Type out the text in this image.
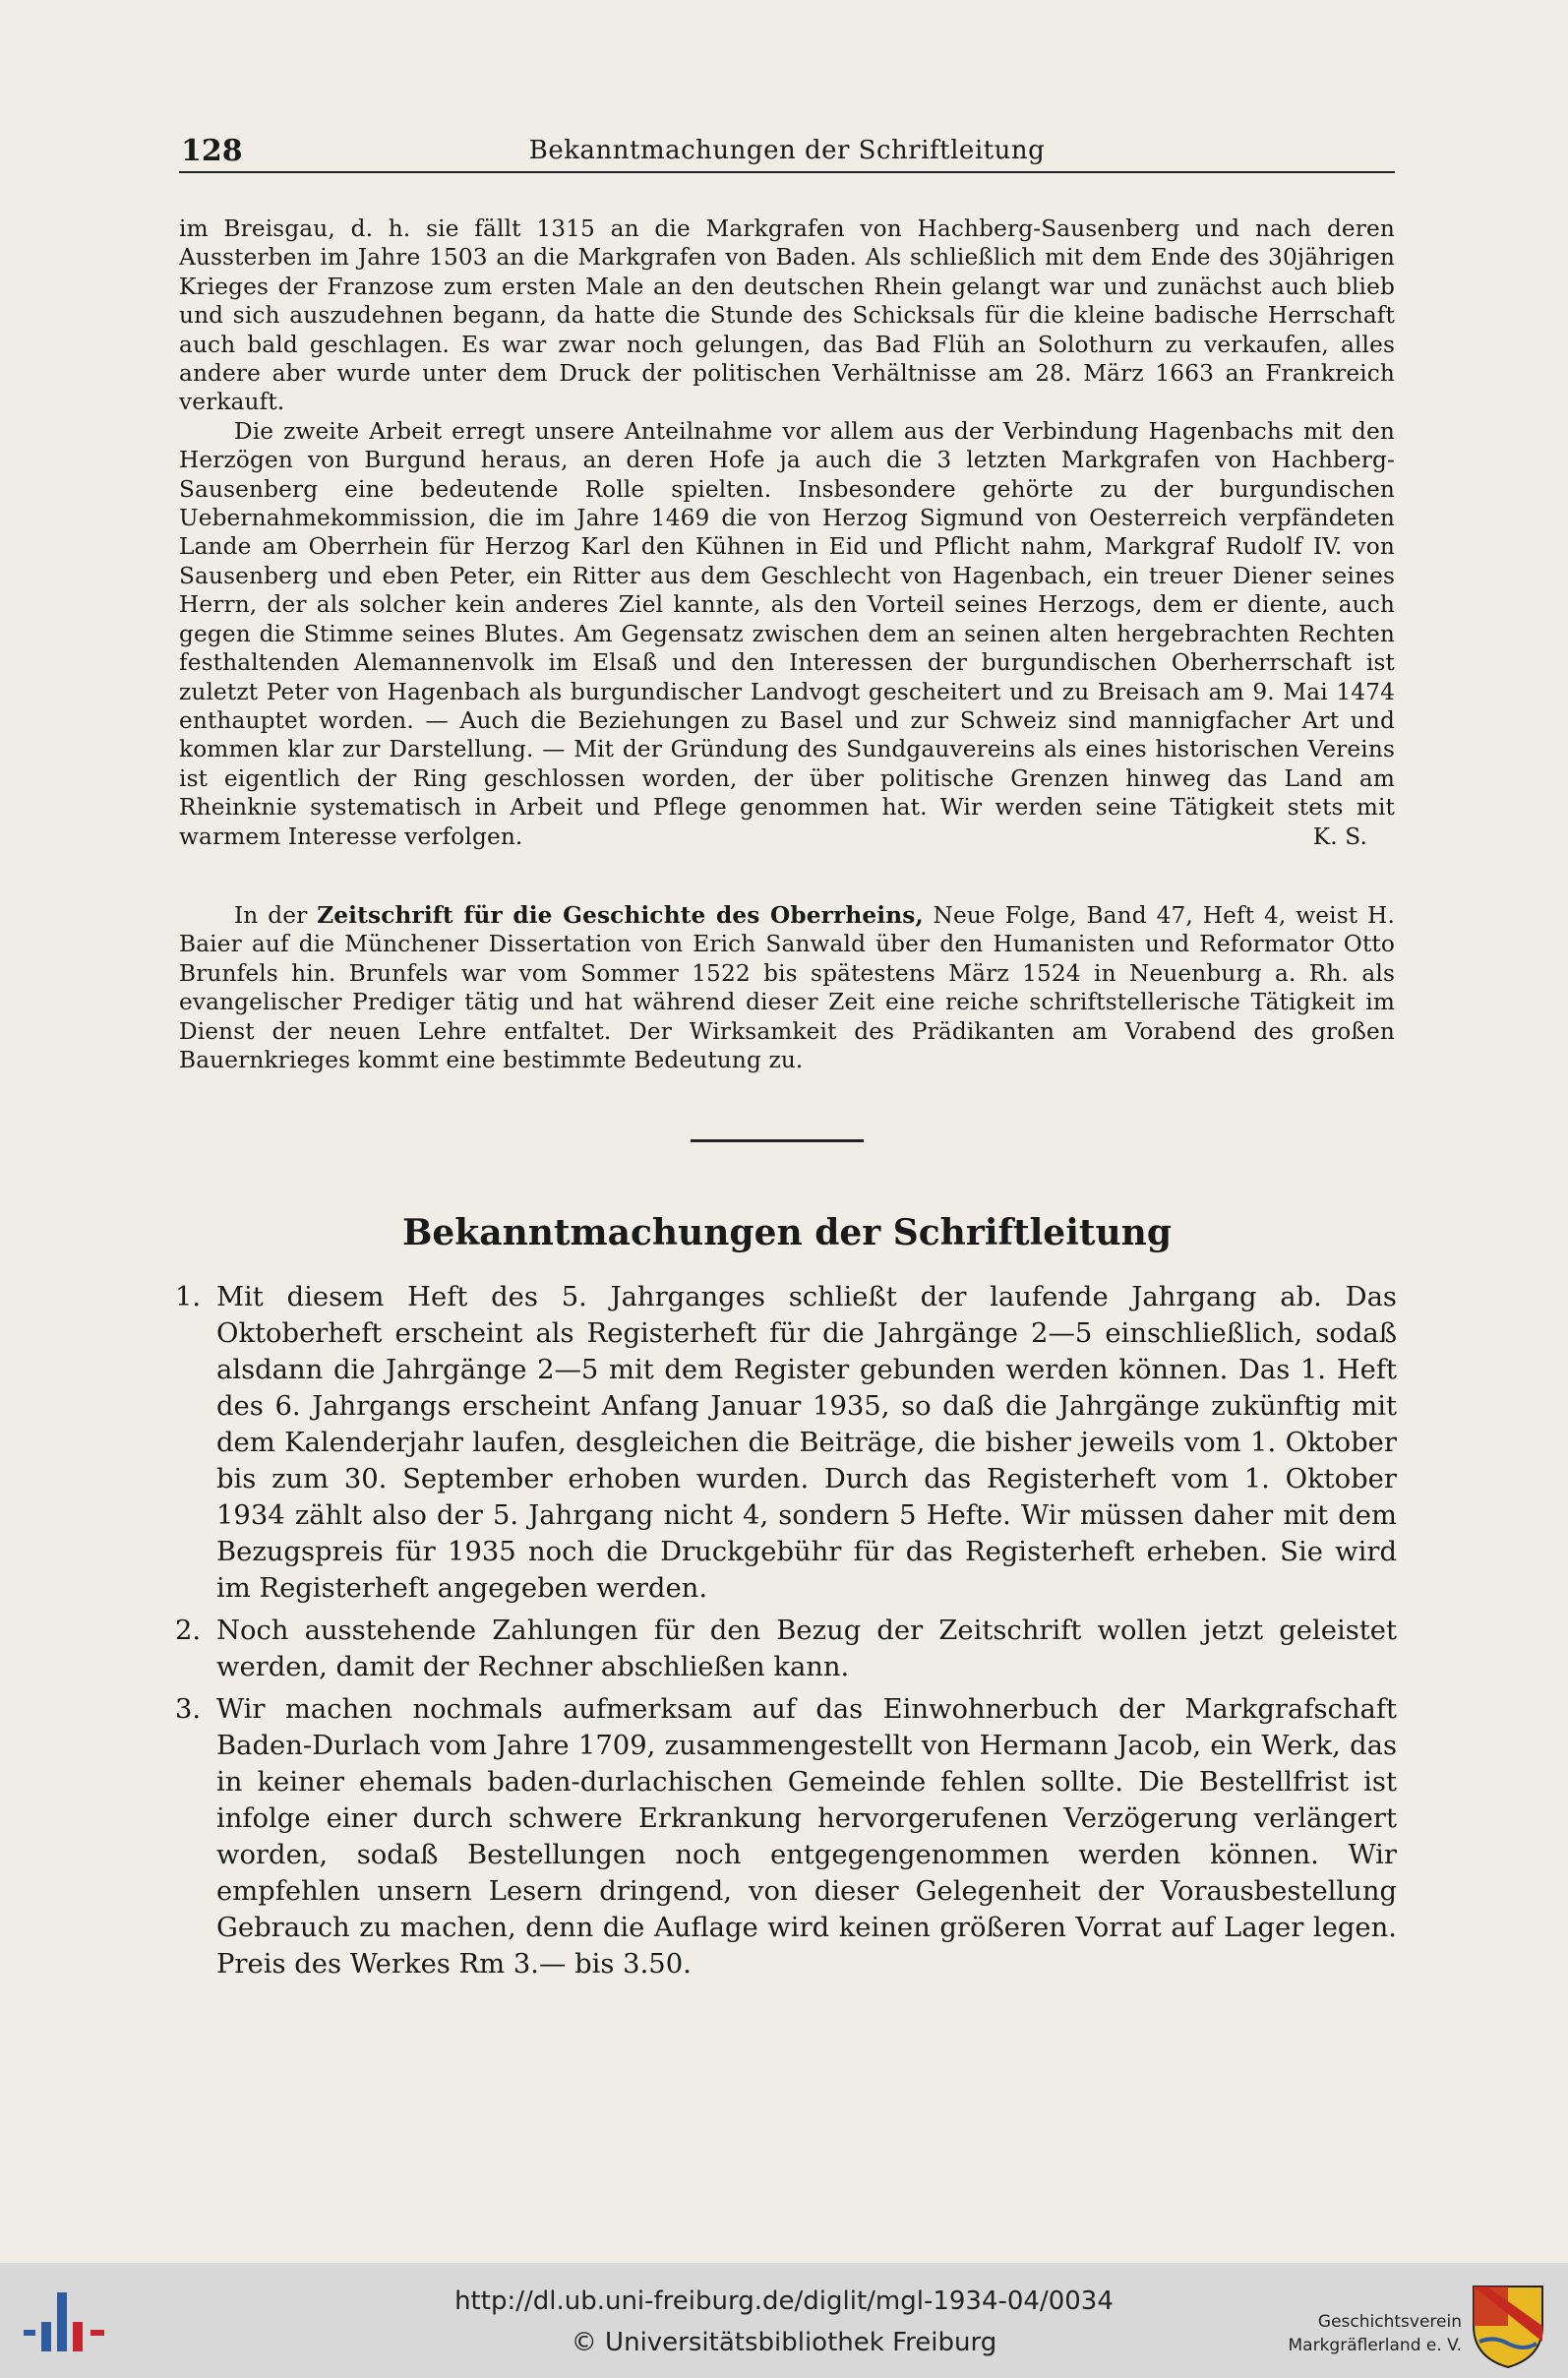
128	Bekanntmachungen der Schriftleitung

im Breisgau, d. h. sie fällt 1315 an die Markgrafen von Hachberg-Sausenberg und nach deren Aussterben im Jahre 1503 an die Markgrafen von Baden. Als schließlich mit dem Ende des 30jährigen Krieges der Franzose zum ersten Male an den deutschen Rhein gelangt war und zunächst auch blieb und sich auszudehnen begann, da hatte die Stunde des Schicksals für die kleine badische Herrschaft auch bald geschlagen. Es war zwar noch gelungen, das Bad Flüh an Solothurn zu verkaufen, alles andere aber wurde unter dem Druck der politischen Verhältnisse am 28. März 1663 an Frankreich verkauft.

Die zweite Arbeit erregt unsere Anteilnahme vor allem aus der Verbindung Hagenbachs mit den Herzögen von Burgund heraus, an deren Hofe ja auch die 3 letzten Markgrafen von Hachberg-Sausenberg eine bedeutende Rolle spielten. Insbesondere gehörte zu der burgundischen Uebernahmekommission, die im Jahre 1469 die von Herzog Sigmund von Oesterreich verpfändeten Lande am Oberrhein für Herzog Karl den Kühnen in Eid und Pflicht nahm, Markgraf Rudolf IV. von Sausenberg und eben Peter, ein Ritter aus dem Geschlecht von Hagenbach, ein treuer Diener seines Herrn, der als solcher kein anderes Ziel kannte, als den Vorteil seines Herzogs, dem er diente, auch gegen die Stimme seines Blutes. Am Gegensatz zwischen dem an seinen alten hergebrachten Rechten festhaltenden Alemannenvolk im Elsaß und den Interessen der burgundischen Oberherrschaft ist zuletzt Peter von Hagenbach als burgundischer Landvogt gescheitert und zu Breisach am 9. Mai 1474 enthauptet worden. — Auch die Beziehungen zu Basel und zur Schweiz sind mannigfacher Art und kommen klar zur Darstellung. — Mit der Gründung des Sundgauvereins als eines historischen Vereins ist eigentlich der Ring geschlossen worden, der über politische Grenzen hinweg das Land am Rheinknie systematisch in Arbeit und Pflege genommen hat. Wir werden seine Tätigkeit stets mit warmem Interesse verfolgen.	K. S.

In der Zeitschrift für die Geschichte des Oberrheins, Neue Folge, Band 47, Heft 4, weist H. Baier auf die Münchener Dissertation von Erich Sanwald über den Humanisten und Reformator Otto Brunfels hin. Brunfels war vom Sommer 1522 bis spätestens März 1524 in Neuenburg a. Rh. als evangelischer Prediger tätig und hat während dieser Zeit eine reiche schriftstellerische Tätigkeit im Dienst der neuen Lehre entfaltet. Der Wirksamkeit des Prädikanten am Vorabend des großen Bauernkrieges kommt eine bestimmte Bedeutung zu.

Bekanntmachungen der Schriftleitung
1. Mit diesem Heft des 5. Jahrganges schließt der laufende Jahrgang ab. Das Oktoberheft erscheint als Registerheft für die Jahrgänge 2—5 einschließlich, sodaß alsdann die Jahrgänge 2—5 mit dem Register gebunden werden können. Das 1. Heft des 6. Jahrgangs erscheint Anfang Januar 1935, so daß die Jahrgänge zukünftig mit dem Kalenderjahr laufen, desgleichen die Beiträge, die bisher jeweils vom 1. Oktober bis zum 30. September erhoben wurden. Durch das Registerheft vom 1. Oktober 1934 zählt also der 5. Jahrgang nicht 4, sondern 5 Hefte. Wir müssen daher mit dem Bezugspreis für 1935 noch die Druckgebühr für das Registerheft erheben. Sie wird im Registerheft angegeben werden.
2. Noch ausstehende Zahlungen für den Bezug der Zeitschrift wollen jetzt geleistet werden, damit der Rechner abschließen kann.
3. Wir machen nochmals aufmerksam auf das Einwohnerbuch der Markgrafschaft Baden-Durlach vom Jahre 1709, zusammengestellt von Hermann Jacob, ein Werk, das in keiner ehemals baden-durlachischen Gemeinde fehlen sollte. Die Bestellfrist ist infolge einer durch schwere Erkrankung hervorgerufenen Verzögerung verlängert worden, sodaß Bestellungen noch entgegengenommen werden können. Wir empfehlen unsern Lesern dringend, von dieser Gelegenheit der Vorausbestellung Gebrauch zu machen, denn die Auflage wird keinen größeren Vorrat auf Lager legen. Preis des Werkes Rm 3.— bis 3.50.
http://dl.ub.uni-freiburg.de/diglit/mgl-1934-04/0034
© Universitätsbibliothek Freiburg
Geschichtsverein
Markgräflerland e. V.
